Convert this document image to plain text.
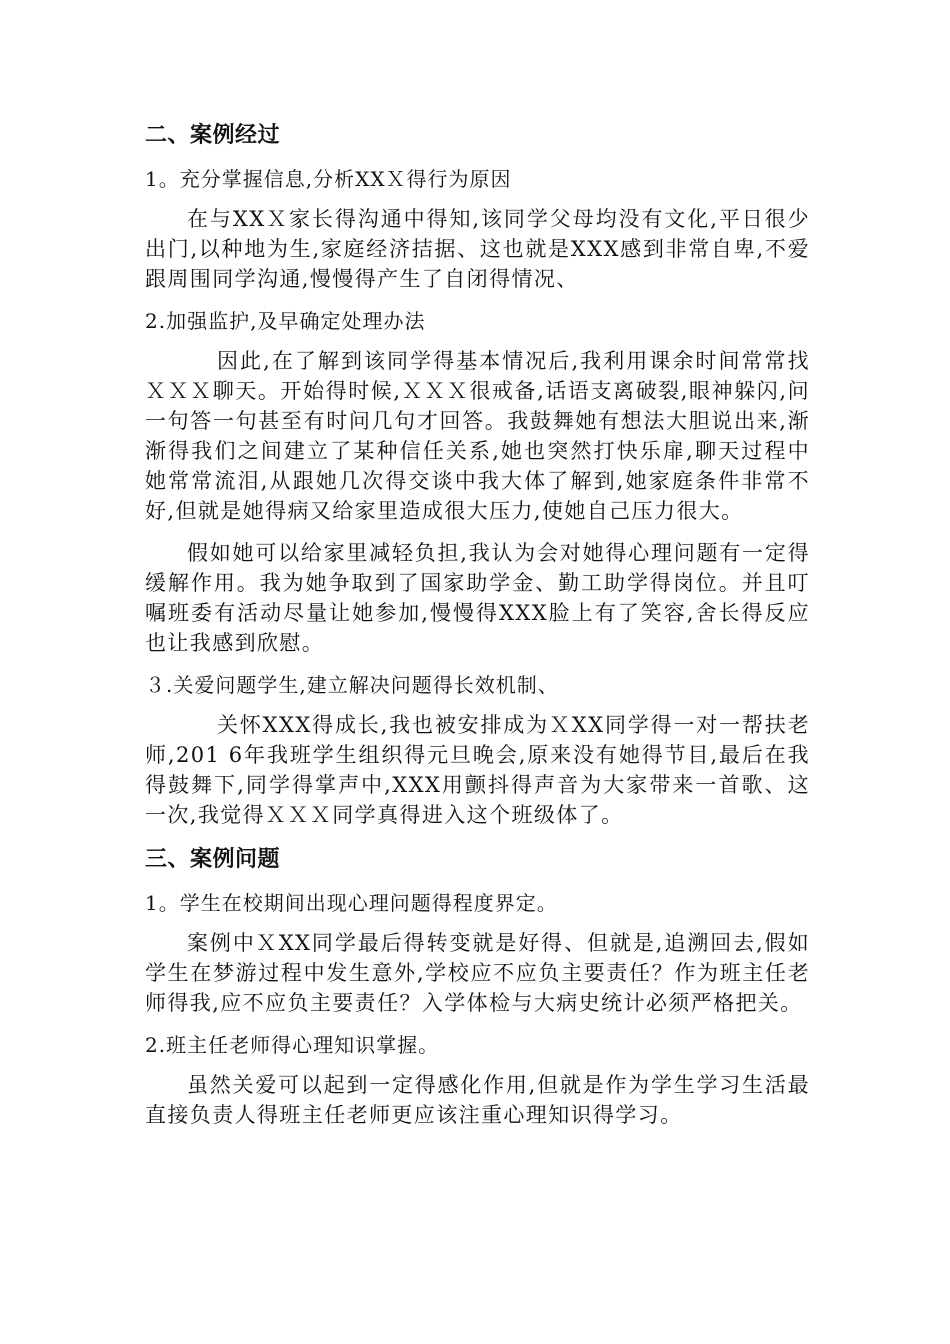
二、案例经过
1。充分掌握信息,分析XXＸ得行为原因

在与XXＸ家长得沟通中得知,该同学父母均没有文化,平日很少出门,以种地为生,家庭经济拮据、这也就是XXX感到非常自卑,不爱跟周围同学沟通,慢慢得产生了自闭得情况、

2.加强监护,及早确定处理办法

因此,在了解到该同学得基本情况后,我利用课余时间常常找ＸＸＸ聊天。开始得时候,ＸＸＸ很戒备,话语支离破裂,眼神躲闪,问一句答一句甚至有时问几句才回答。我鼓舞她有想法大胆说出来,渐渐得我们之间建立了某种信任关系,她也突然打快乐扉,聊天过程中她常常流泪,从跟她几次得交谈中我大体了解到,她家庭条件非常不好,但就是她得病又给家里造成很大压力,使她自己压力很大。

假如她可以给家里减轻负担,我认为会对她得心理问题有一定得缓解作用。我为她争取到了国家助学金、勤工助学得岗位。并且叮嘱班委有活动尽量让她参加,慢慢得XXX脸上有了笑容,舍长得反应也让我感到欣慰。

３.关爱问题学生,建立解决问题得长效机制、

关怀XXX得成长,我也被安排成为ＸXX同学得一对一帮扶老师,201 6年我班学生组织得元旦晚会,原来没有她得节目,最后在我得鼓舞下,同学得掌声中,XXX用颤抖得声音为大家带来一首歌、这一次,我觉得ＸＸＸ同学真得进入这个班级体了。

三、案例问题
1。学生在校期间出现心理问题得程度界定。

案例中ＸXX同学最后得转变就是好得、但就是,追溯回去,假如学生在梦游过程中发生意外,学校应不应负主要责任？作为班主任老师得我,应不应负主要责任？入学体检与大病史统计必须严格把关。

2.班主任老师得心理知识掌握。

虽然关爱可以起到一定得感化作用,但就是作为学生学习生活最直接负责人得班主任老师更应该注重心理知识得学习。
